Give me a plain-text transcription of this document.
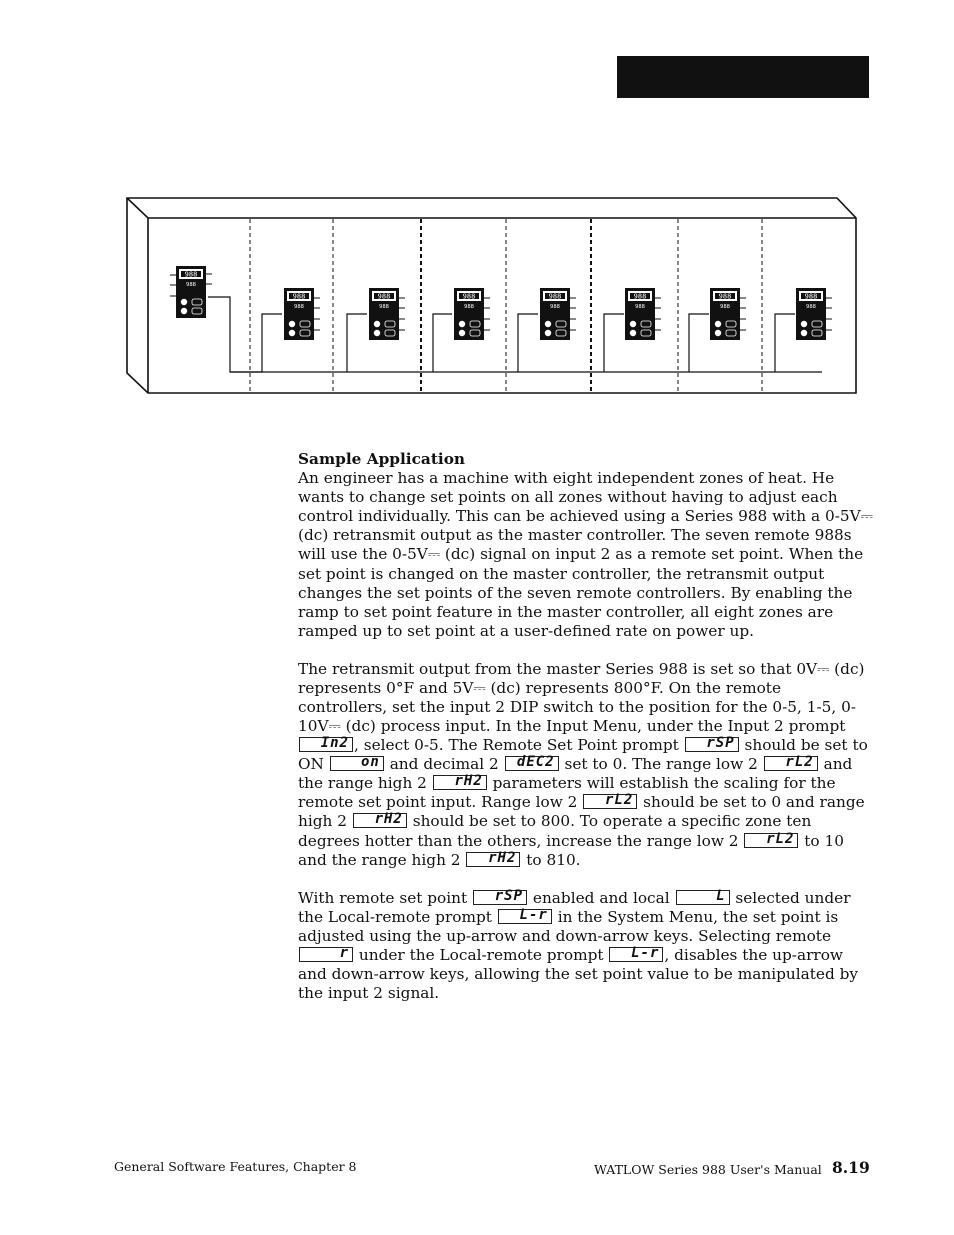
988
988
988
988
988
988
988
988
988
988
988
988
988
988
988
988

Sample Application
An engineer has a machine with eight independent zones of heat. He wants to change set points on all zones without having to adjust each control individually. This can be achieved using a Series 988 with a 0-5V⎓ (dc) retransmit output as the master controller. The seven remote 988s will use the 0-5V⎓ (dc) signal on input 2 as a remote set point. When the set point is changed on the master controller, the retransmit output changes the set points of the seven remote controllers. By enabling the ramp to set point feature in the master controller, all eight zones are ramped up to set point at a user-defined rate on power up.

The retransmit output from the master Series 988 is set so that 0V⎓ (dc) represents 0°F and 5V⎓ (dc) represents 800°F. On the remote controllers, set the input 2 DIP switch to the position for the 0-5, 1-5, 0-10V⎓ (dc) process input. In the Input Menu, under the Input 2 prompt
In2 , select 0-5. The Remote Set Point prompt rSP should be set to ON	on and decimal 2 dEC2 set to 0. The range low 2 rL2 and the range high 2 rH2 parameters will establish the scaling for the remote set point input. Range low 2 rL2 should be set to 0 and range high 2 rH2 should be set to 800. To operate a specific zone ten degrees hotter than the others, increase the range low 2 rL2 to 10 and the range high 2 rH2 to 810.

With remote set point rSP enabled and local	L selected under the Local-remote prompt L-r in the System Menu, the set point is adjusted using the up-arrow and down-arrow keys. Selecting remote
r under the Local-remote prompt L-r , disables the up-arrow and down-arrow keys, allowing the set point value to be manipulated by the input 2 signal.

General Software Features, Chapter 8	WATLOW Series 988 User's Manual 8.19
